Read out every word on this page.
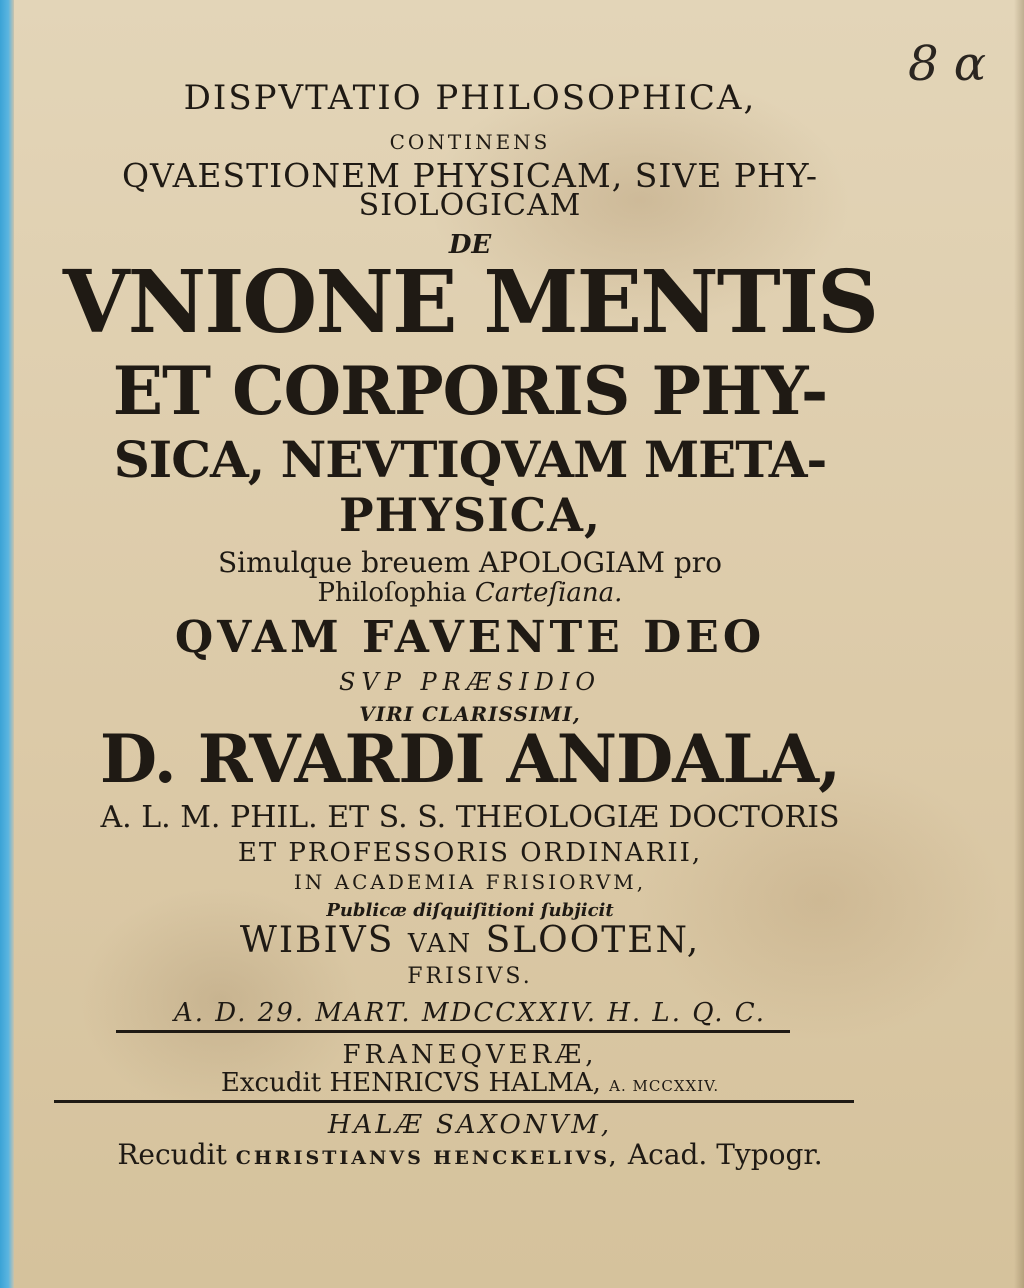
8 α
DISPVTATIO PHILOSOPHICA,
CONTINENS
QVAESTIONEM PHYSICAM, SIVE PHY-
SIOLOGICAM
DE
VNIONE MENTIS
ET CORPORIS PHY-
SICA, NEVTIQVAM META-
PHYSICA,
Simulque breuem APOLOGIAM pro
Philoſophia Carteſiana.
QVAM FAVENTE DEO
SVP PRÆSIDIO
VIRI CLARISSIMI,
D. RVARDI ANDALA,
A. L. M. PHIL. ET S. S. THEOLOGIÆ DOCTORIS
ET PROFESSORIS ORDINARII,
IN ACADEMIA FRISIORVM,
Publicæ diſquiſitioni ſubjicit
WIBIVS VAN SLOOTEN,
FRISIVS.
A. D. 29. MART. MDCCXXIV. H. L. Q. C.
FRANEQVERÆ,
Excudit HENRICVS HALMA, A. MCCXXIV.
HALÆ SAXONVM,
Recudit CHRISTIANVS HENCKELIVS, Acad. Typogr.
